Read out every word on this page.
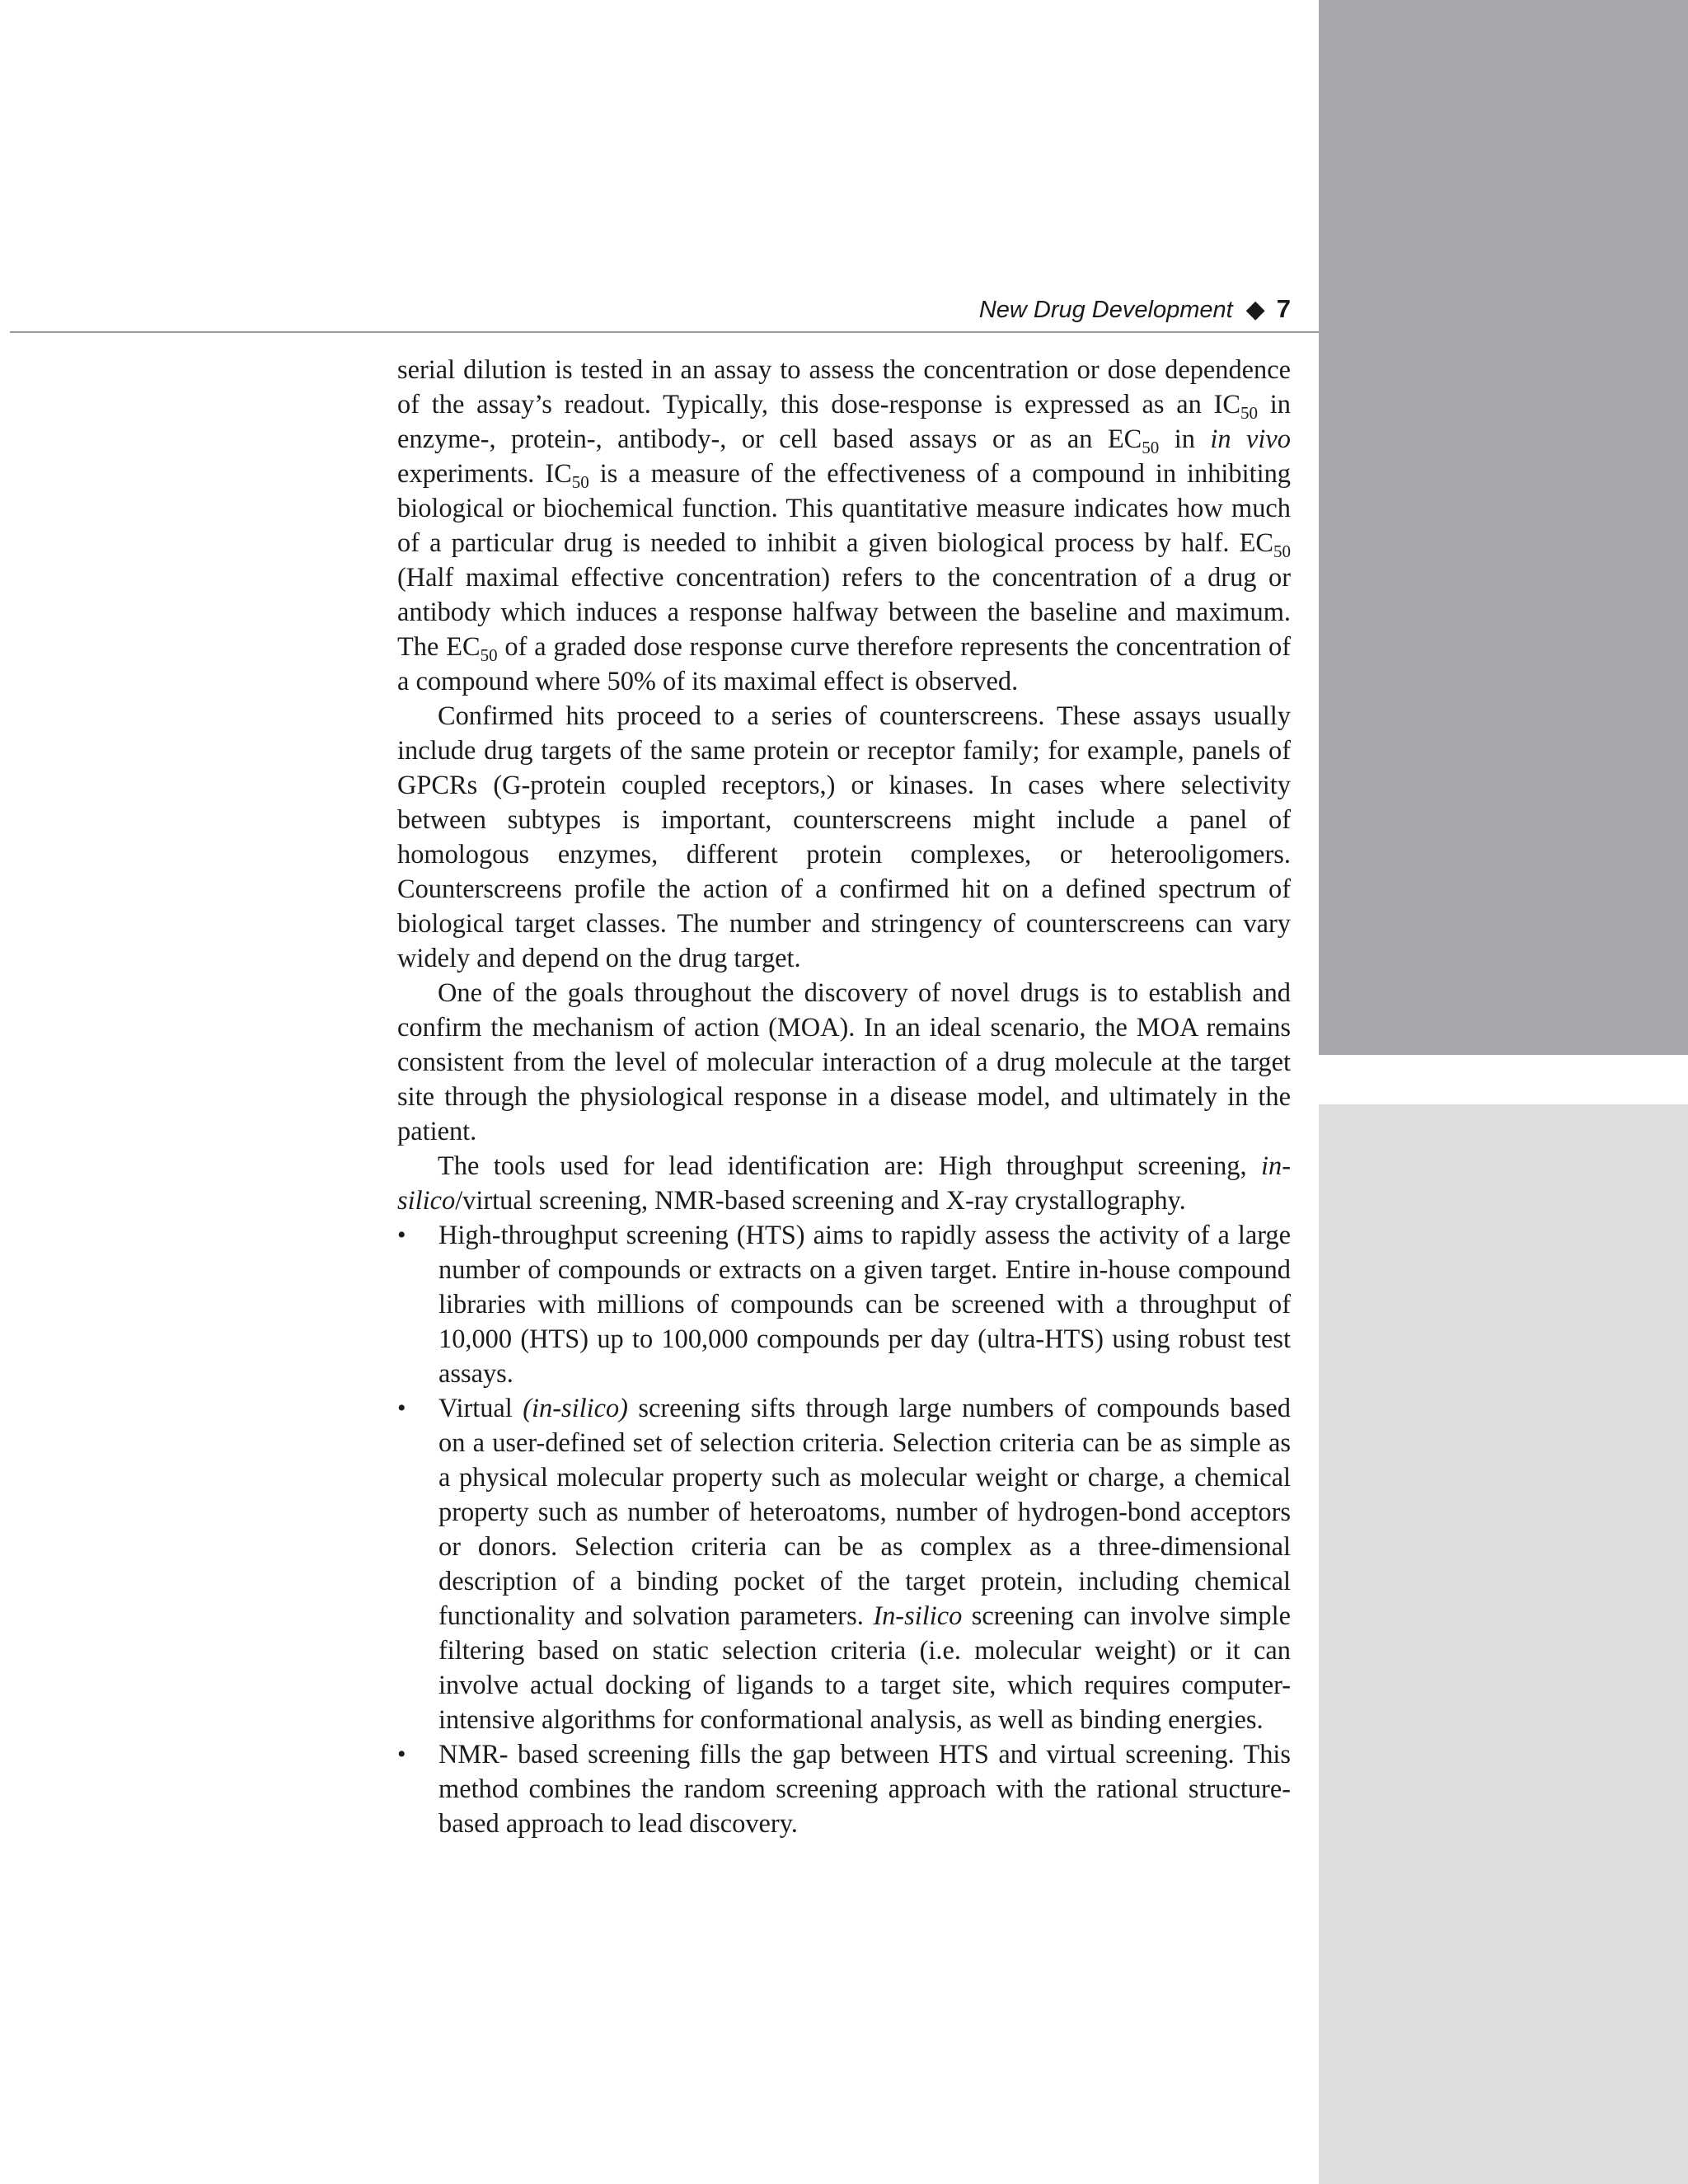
New Drug Development ◆ 7

serial dilution is tested in an assay to assess the concentration or dose dependence of the assay’s readout. Typically, this dose-response is expressed as an $IC_{50}$ in enzyme-, protein-, antibody-, or cell based assays or as an $EC_{50}$ in in vivo experiments. $IC_{50}$ is a measure of the effectiveness of a compound in inhibiting biological or biochemical function. This quantitative measure indicates how much of a particular drug is needed to inhibit a given biological process by half. $EC_{50}$ (Half maximal effective concentration) refers to the concentration of a drug or antibody which induces a response halfway between the baseline and maximum. The $EC_{50}$ of a graded dose response curve therefore represents the concentration of a compound where 50% of its maximal effect is observed.

Confirmed hits proceed to a series of counterscreens. These assays usually include drug targets of the same protein or receptor family; for example, panels of GPCRs (G-protein coupled receptors,) or kinases. In cases where selectivity between subtypes is important, counterscreens might include a panel of homologous enzymes, different protein complexes, or heterooligomers. Counterscreens profile the action of a confirmed hit on a defined spectrum of biological target classes. The number and stringency of counterscreens can vary widely and depend on the drug target.

One of the goals throughout the discovery of novel drugs is to establish and confirm the mechanism of action (MOA). In an ideal scenario, the MOA remains consistent from the level of molecular interaction of a drug molecule at the target site through the physiological response in a disease model, and ultimately in the patient.

The tools used for lead identification are: High throughput screening, in-silico/virtual screening, NMR-based screening and X-ray crystallography.

• High-throughput screening (HTS) aims to rapidly assess the activity of a large number of compounds or extracts on a given target. Entire in-house compound libraries with millions of compounds can be screened with a throughput of 10,000 (HTS) up to 100,000 compounds per day (ultra-HTS) using robust test assays.
• Virtual (in-silico) screening sifts through large numbers of compounds based on a user-defined set of selection criteria. Selection criteria can be as simple as a physical molecular property such as molecular weight or charge, a chemical property such as number of heteroatoms, number of hydrogen-bond acceptors or donors. Selection criteria can be as complex as a three-dimensional description of a binding pocket of the target protein, including chemical functionality and solvation parameters. In-silico screening can involve simple filtering based on static selection criteria (i.e. molecular weight) or it can involve actual docking of ligands to a target site, which requires computer-intensive algorithms for conformational analysis, as well as binding energies.
• NMR- based screening fills the gap between HTS and virtual screening. This method combines the random screening approach with the rational structure-based approach to lead discovery.
